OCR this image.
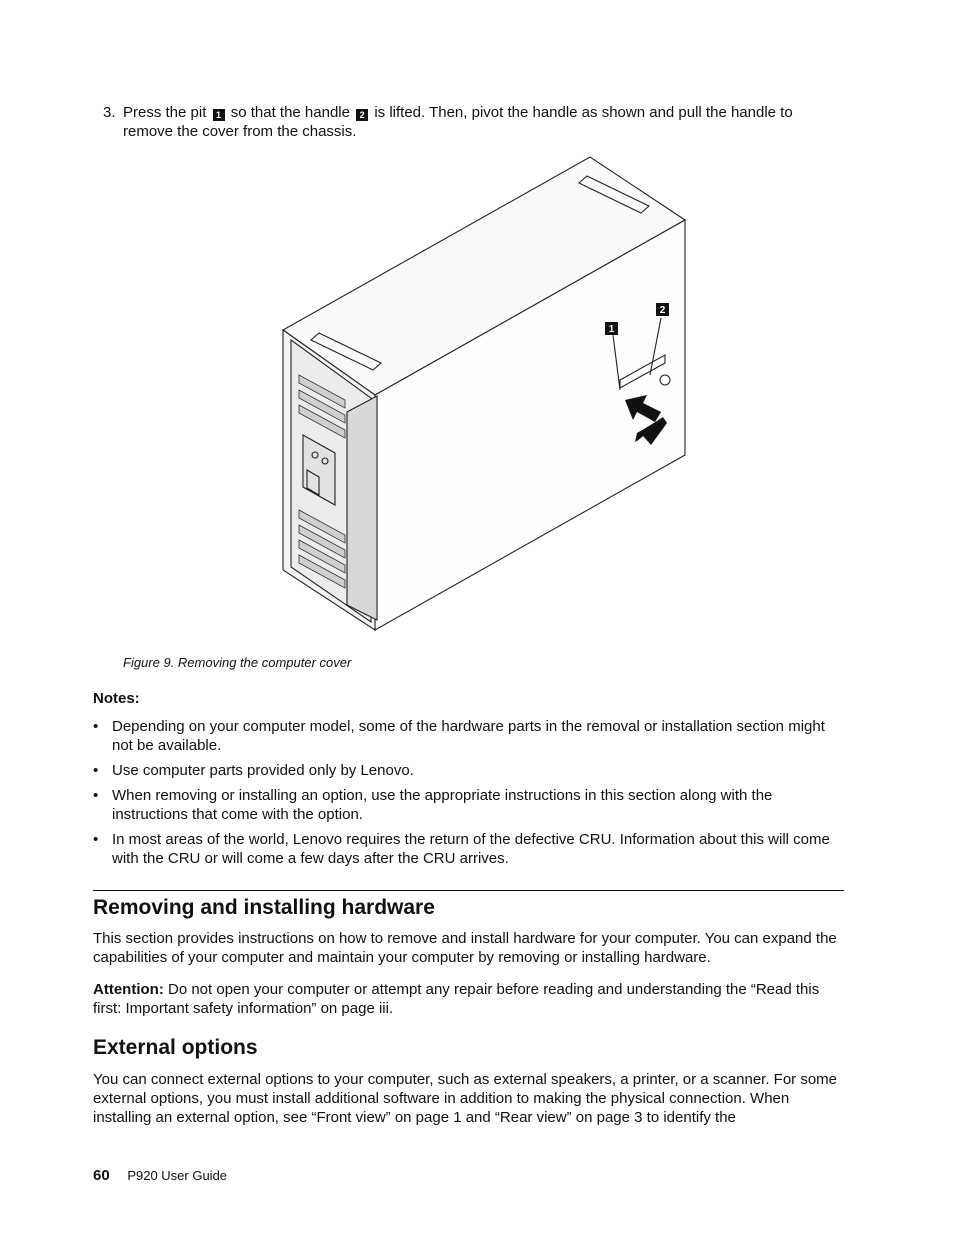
3. Press the pit 1 so that the handle 2 is lifted. Then, pivot the handle as shown and pull the handle to remove the cover from the chassis.
1
2
Figure 9. Removing the computer cover
Notes:
• Depending on your computer model, some of the hardware parts in the removal or installation section might not be available.
• Use computer parts provided only by Lenovo.
• When removing or installing an option, use the appropriate instructions in this section along with the instructions that come with the option.
• In most areas of the world, Lenovo requires the return of the defective CRU. Information about this will come with the CRU or will come a few days after the CRU arrives.
Removing and installing hardware
This section provides instructions on how to remove and install hardware for your computer. You can expand the capabilities of your computer and maintain your computer by removing or installing hardware.
Attention: Do not open your computer or attempt any repair before reading and understanding the “Read this first: Important safety information” on page iii.
External options
You can connect external options to your computer, such as external speakers, a printer, or a scanner. For some external options, you must install additional software in addition to making the physical connection. When installing an external option, see “Front view” on page 1 and “Rear view” on page 3 to identify the
60 P920 User Guide
